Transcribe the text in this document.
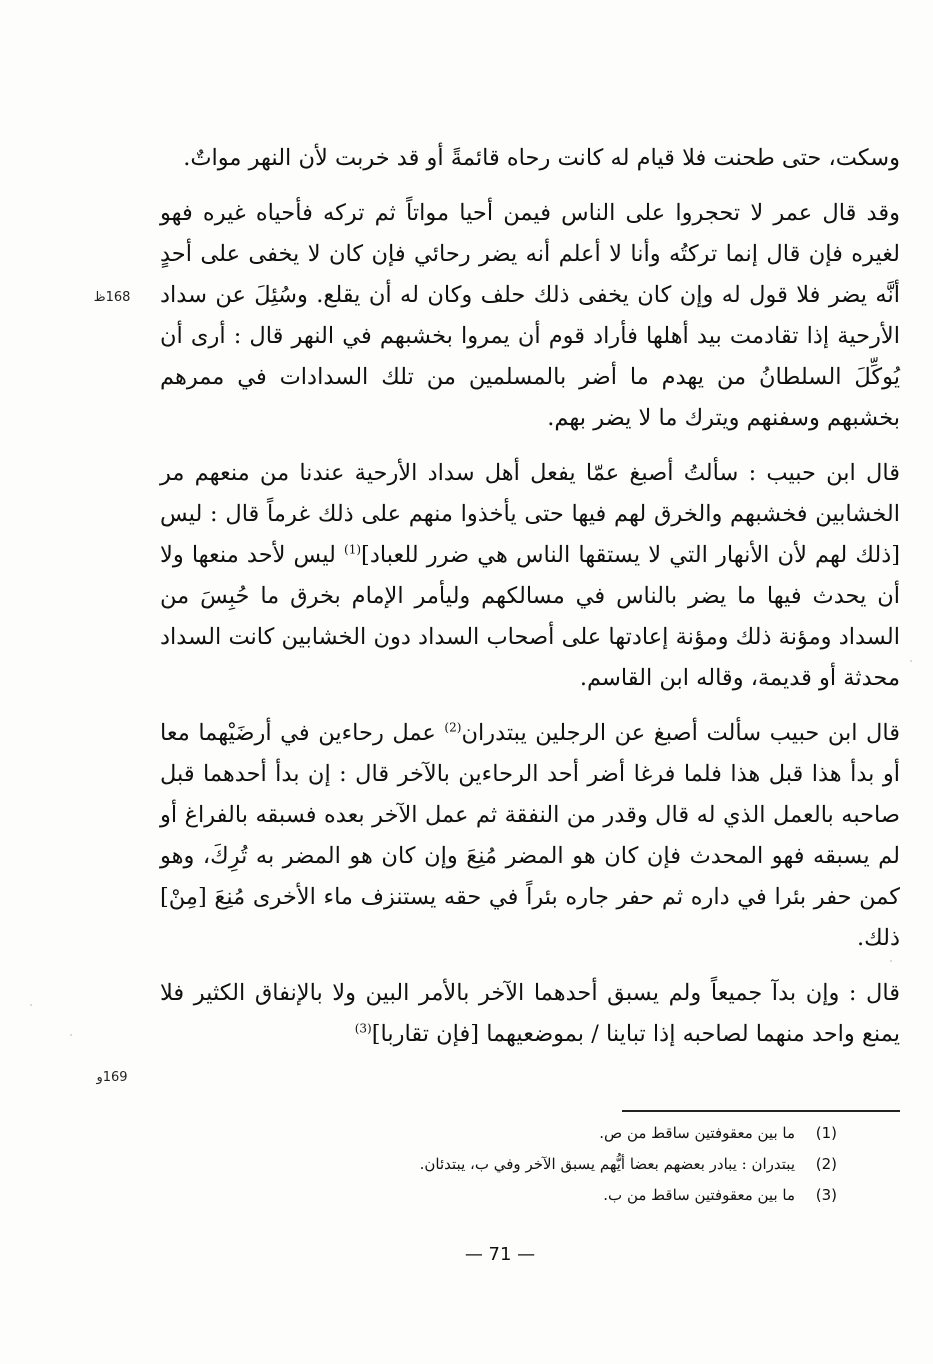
وسكت، حتى طحنت فلا قيام له كانت رحاه قائمةً أو قد خربت لأن النهر مواتٌ.

وقد قال عمر لا تحجروا على الناس فيمن أحيا مواتاً ثم تركه فأحياه غيره فهو لغيره فإن قال إنما تركتُه وأنا لا أعلم أنه يضر رحائي فإن كان لا يخفى على أحدٍ أنَّه يضر فلا قول له وإن كان يخفى ذلك حلف وكان له أن يقلع. وسُئِلَ عن سداد الأرحية إذا تقادمت بيد أهلها فأراد قوم أن يمروا بخشبهم في النهر قال : أرى أن يُوكِّلَ السلطانُ من يهدم ما أضر بالمسلمين من تلك السدادات في ممرهم بخشبهم وسفنهم ويترك ما لا يضر بهم.

قال ابن حبيب : سألتُ أصبغ عمّا يفعل أهل سداد الأرحية عندنا من منعهم مر الخشابين فخشبهم والخرق لهم فيها حتى يأخذوا منهم على ذلك غرماً قال : ليس [ذلك لهم لأن الأنهار التي لا يستقها الناس هي ضرر للعباد]$^{(1)}$ ليس لأحد منعها ولا أن يحدث فيها ما يضر بالناس في مسالكهم وليأمر الإمام بخرق ما حُبِسَ من السداد ومؤنة ذلك ومؤنة إعادتها على أصحاب السداد دون الخشابين كانت السداد محدثة أو قديمة، وقاله ابن القاسم.

قال ابن حبيب سألت أصبغ عن الرجلين يبتدران$^{(2)}$ عمل رحاءين في أرضَيْهما معا أو بدأ هذا قبل هذا فلما فرغا أضر أحد الرحاءين بالآخر قال : إن بدأ أحدهما قبل صاحبه بالعمل الذي له قال وقدر من النفقة ثم عمل الآخر بعده فسبقه بالفراغ أو لم يسبقه فهو المحدث فإن كان هو المضر مُنِعَ وإن كان هو المضر به تُرِكَ، وهو كمن حفر بئرا في داره ثم حفر جاره بئراً في حقه يستنزف ماء الأخرى مُنِعَ [مِنْ] ذلك.

قال : وإن بدآ جميعاً ولم يسبق أحدهما الآخر بالأمر البين ولا بالإنفاق الكثير فلا يمنع واحد منهما لصاحبه إذا تباينا / بموضعيهما [فإن تقاربا]$^{(3)}$

168ظ
169و
(1)
ما بين معقوفتين ساقط من ص.
(2)
يبتدران : يبادر بعضهم بعضا أيُّهم يسبق الآخر وفي ب، يبتدئان.
(3)
ما بين معقوفتين ساقط من ب.
— 71 —
